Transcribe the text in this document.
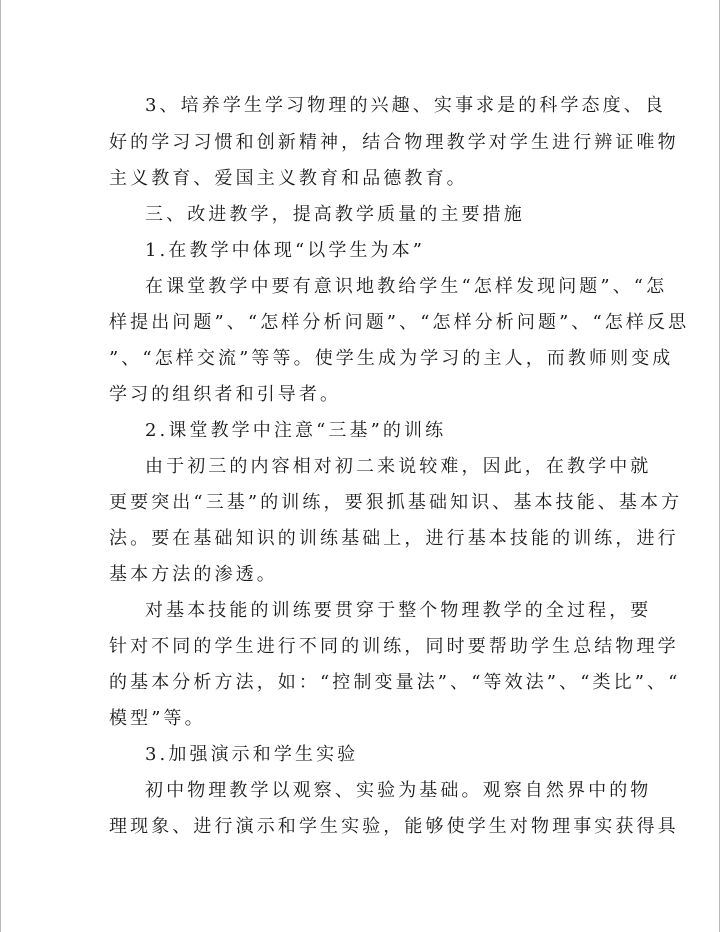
3、培养学生学习物理的兴趣、实事求是的科学态度、良

好的学习习惯和创新精神，结合物理教学对学生进行辨证唯物

主义教育、爱国主义教育和品德教育。

三、改进教学，提高教学质量的主要措施

1.在教学中体现“以学生为本”

在课堂教学中要有意识地教给学生“怎样发现问题”、“怎

样提出问题”、“怎样分析问题”、“怎样分析问题”、“怎样反思

”、“怎样交流”等等。使学生成为学习的主人，而教师则变成

学习的组织者和引导者。

2.课堂教学中注意“三基”的训练

由于初三的内容相对初二来说较难，因此，在教学中就

更要突出“三基”的训练，要狠抓基础知识、基本技能、基本方

法。要在基础知识的训练基础上，进行基本技能的训练，进行

基本方法的渗透。

对基本技能的训练要贯穿于整个物理教学的全过程，要

针对不同的学生进行不同的训练，同时要帮助学生总结物理学

的基本分析方法，如：“控制变量法”、“等效法”、“类比”、“

模型”等。

3.加强演示和学生实验

初中物理教学以观察、实验为基础。观察自然界中的物

理现象、进行演示和学生实验，能够使学生对物理事实获得具
